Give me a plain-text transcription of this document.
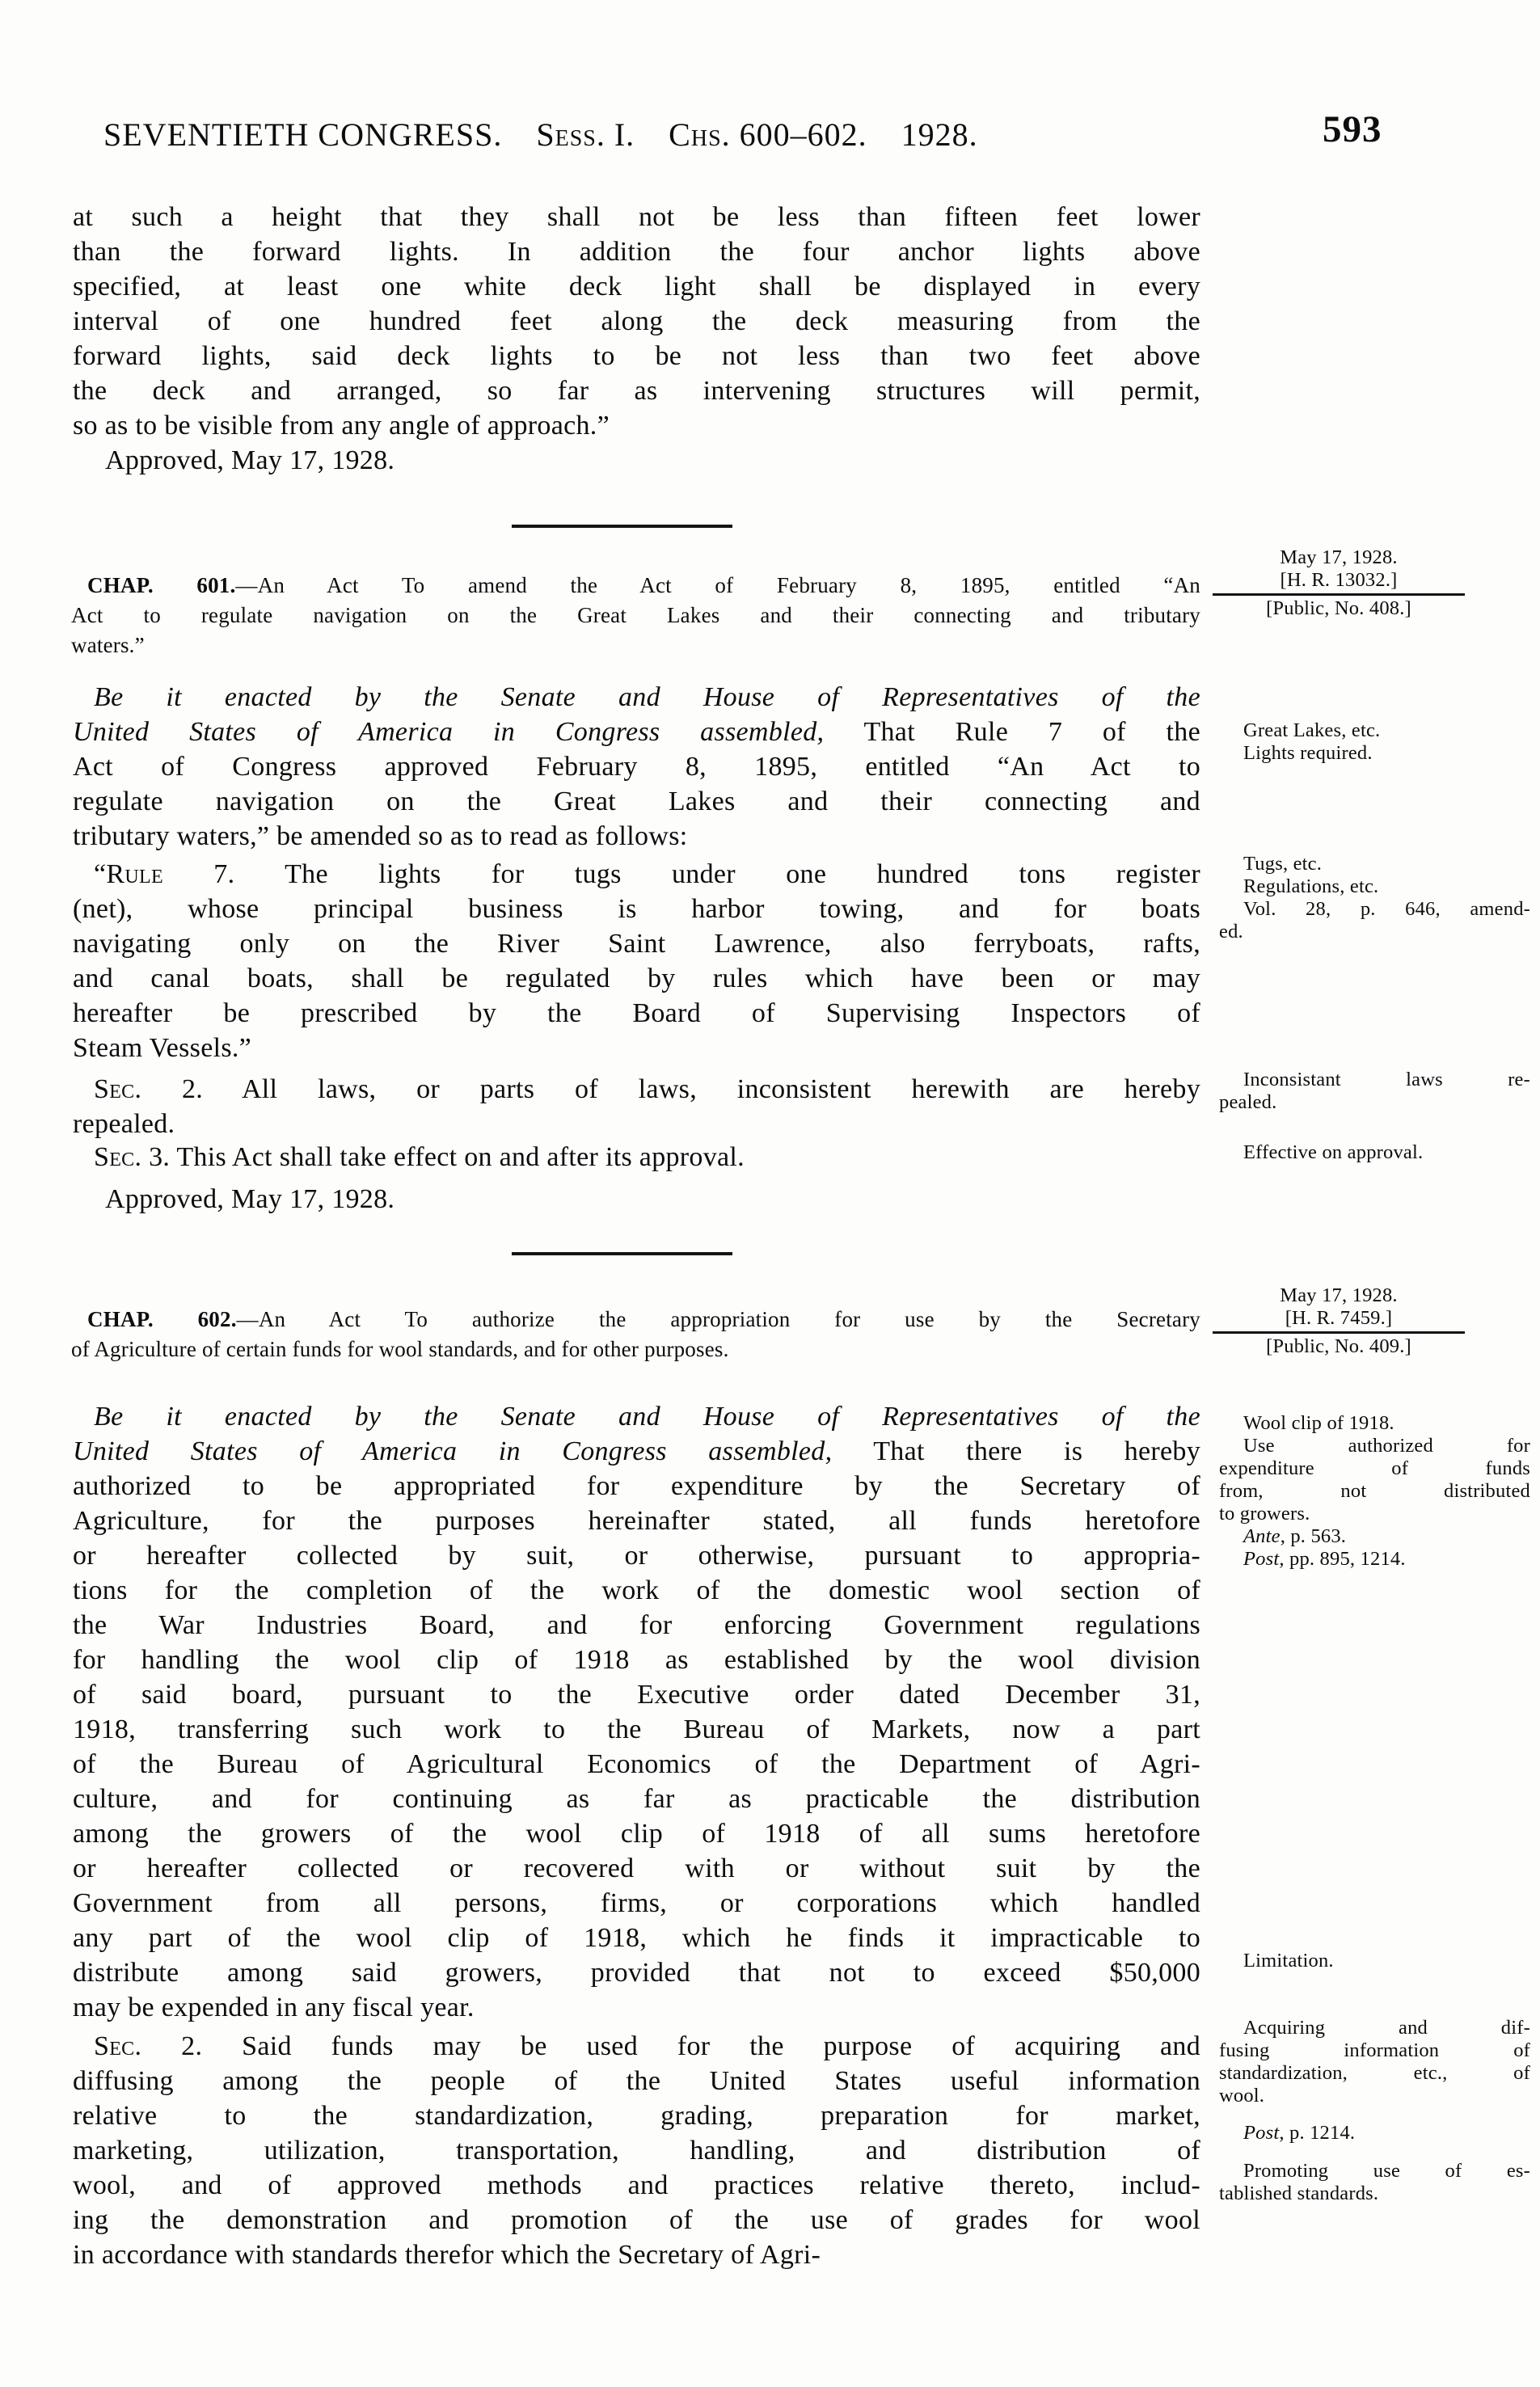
SEVENTIETH CONGRESS. Sess. I. Chs. 600–602. 1928.	593
at such a height that they shall not be less than fifteen feet lower
than the forward lights. In addition the four anchor lights above
specified, at least one white deck light shall be displayed in every
interval of one hundred feet along the deck measuring from the
forward lights, said deck lights to be not less than two feet above
the deck and arranged, so far as intervening structures will permit,
so as to be visible from any angle of approach.”
Approved, May 17, 1928.
CHAP. 601.—An Act To amend the Act of February 8, 1895, entitled “An
Act to regulate navigation on the Great Lakes and their connecting and tributary
waters.”
May 17, 1928.
[H. R. 13032.]
[Public, No. 408.]
Be it enacted by the Senate and House of Representatives of the
United States of America in Congress assembled, That Rule 7 of the
Act of Congress approved February 8, 1895, entitled “An Act to
regulate navigation on the Great Lakes and their connecting and
tributary waters,” be amended so as to read as follows:
Great Lakes, etc.
Lights required.
“Rule 7. The lights for tugs under one hundred tons register
(net), whose principal business is harbor towing, and for boats
navigating only on the River Saint Lawrence, also ferryboats, rafts,
and canal boats, shall be regulated by rules which have been or may
hereafter be prescribed by the Board of Supervising Inspectors of
Steam Vessels.”
Tugs, etc.
Regulations, etc.
Vol. 28, p. 646, amend-
ed.
Sec. 2. All laws, or parts of laws, inconsistent herewith are hereby
repealed.
Inconsistant laws re-
pealed.
Sec. 3. This Act shall take effect on and after its approval.	Effective on approval.
Approved, May 17, 1928.
CHAP. 602.—An Act To authorize the appropriation for use by the Secretary
of Agriculture of certain funds for wool standards, and for other purposes.
May 17, 1928.
[H. R. 7459.]
[Public, No. 409.]
Be it enacted by the Senate and House of Representatives of the
United States of America in Congress assembled, That there is hereby
authorized to be appropriated for expenditure by the Secretary of
Agriculture, for the purposes hereinafter stated, all funds heretofore
or hereafter collected by suit, or otherwise, pursuant to appropria-
tions for the completion of the work of the domestic wool section of
the War Industries Board, and for enforcing Government regulations
for handling the wool clip of 1918 as established by the wool division
of said board, pursuant to the Executive order dated December 31,
1918, transferring such work to the Bureau of Markets, now a part
of the Bureau of Agricultural Economics of the Department of Agri-
culture, and for continuing as far as practicable the distribution
among the growers of the wool clip of 1918 of all sums heretofore
or hereafter collected or recovered with or without suit by the
Government from all persons, firms, or corporations which handled
any part of the wool clip of 1918, which he finds it impracticable to
distribute among said growers, provided that not to exceed $50,000
may be expended in any fiscal year.
Wool clip of 1918.
Use authorized for
expenditure of funds
from, not distributed
to growers.
Ante, p. 563.
Post, pp. 895, 1214.
Limitation.
Sec. 2. Said funds may be used for the purpose of acquiring and
diffusing among the people of the United States useful information
relative to the standardization, grading, preparation for market,
marketing, utilization, transportation, handling, and distribution of
wool, and of approved methods and practices relative thereto, includ-
ing the demonstration and promotion of the use of grades for wool
in accordance with standards therefor which the Secretary of Agri-
Acquiring and dif-
fusing information of
standardization, etc., of
wool.
Post, p. 1214.
Promoting use of es-
tablished standards.
